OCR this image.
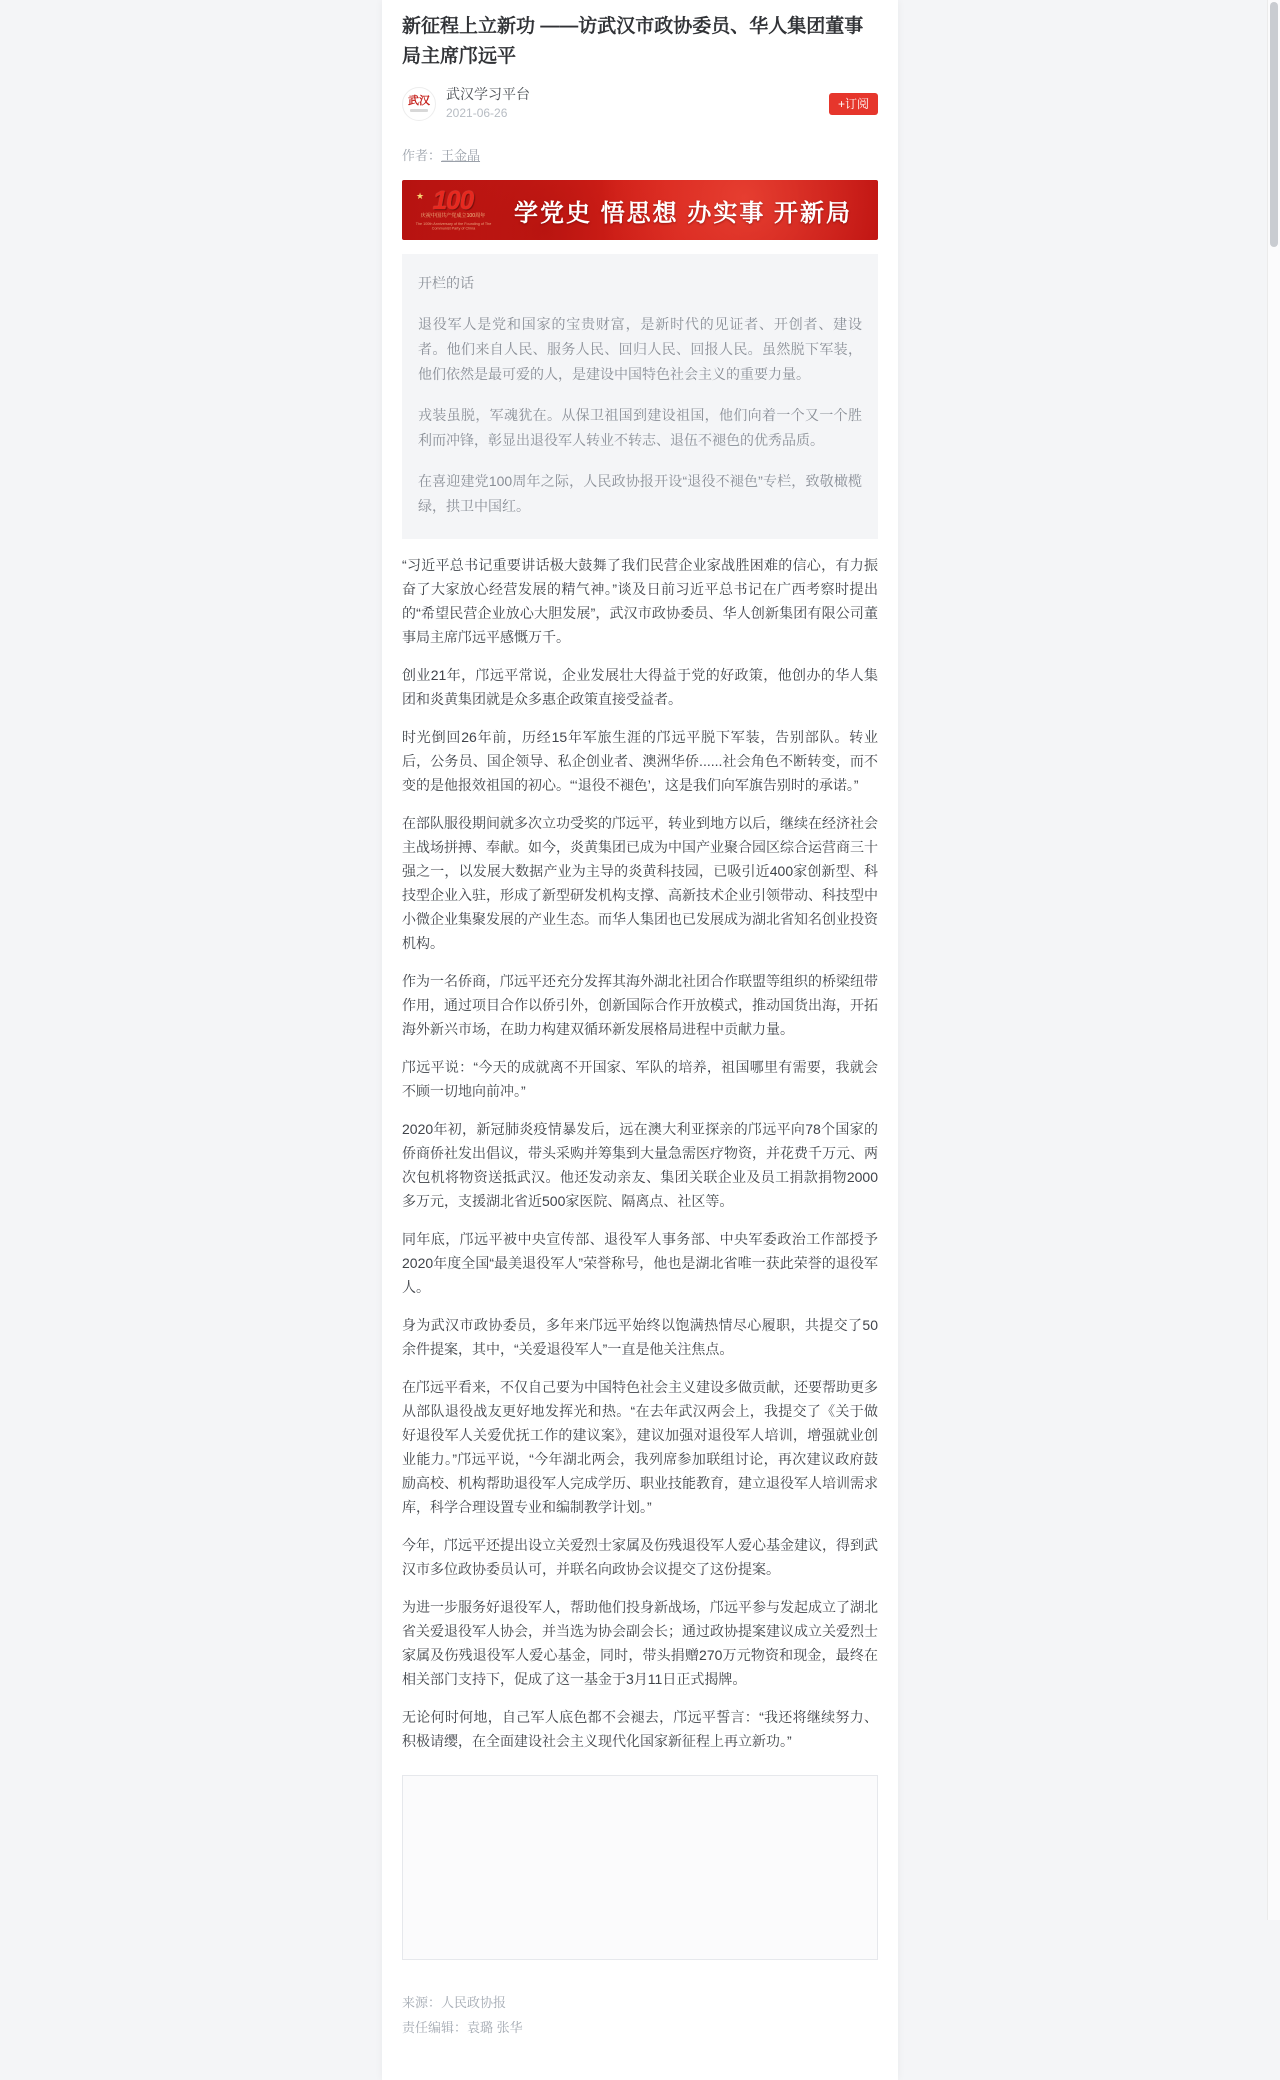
新征程上立新功 ——访武汉市政协委员、华人集团董事局主席邝远平
武汉 武汉学习平台
2021-06-26
+订阅
作者：王金晶
★ 100
庆祝中国共产党成立100周年
The 100th Anniversary of the Founding of The Communist Party of China
学党史 悟思想 办实事 开新局
开栏的话

退役军人是党和国家的宝贵财富，是新时代的见证者、开创者、建设者。他们来自人民、服务人民、回归人民、回报人民。虽然脱下军装，他们依然是最可爱的人，是建设中国特色社会主义的重要力量。

戎装虽脱，军魂犹在。从保卫祖国到建设祖国，他们向着一个又一个胜利而冲锋，彰显出退役军人转业不转志、退伍不褪色的优秀品质。

在喜迎建党100周年之际，人民政协报开设“退役不褪色”专栏，致敬橄榄绿，拱卫中国红。

“习近平总书记重要讲话极大鼓舞了我们民营企业家战胜困难的信心，有力振奋了大家放心经营发展的精气神。”谈及日前习近平总书记在广西考察时提出的“希望民营企业放心大胆发展”，武汉市政协委员、华人创新集团有限公司董事局主席邝远平感慨万千。

创业21年，邝远平常说，企业发展壮大得益于党的好政策，他创办的华人集团和炎黄集团就是众多惠企政策直接受益者。

时光倒回26年前，历经15年军旅生涯的邝远平脱下军装，告别部队。转业后，公务员、国企领导、私企创业者、澳洲华侨......社会角色不断转变，而不变的是他报效祖国的初心。“‘退役不褪色’，这是我们向军旗告别时的承诺。”

在部队服役期间就多次立功受奖的邝远平，转业到地方以后，继续在经济社会主战场拼搏、奉献。如今，炎黄集团已成为中国产业聚合园区综合运营商三十强之一，以发展大数据产业为主导的炎黄科技园，已吸引近400家创新型、科技型企业入驻，形成了新型研发机构支撑、高新技术企业引领带动、科技型中小微企业集聚发展的产业生态。而华人集团也已发展成为湖北省知名创业投资机构。

作为一名侨商，邝远平还充分发挥其海外湖北社团合作联盟等组织的桥梁纽带作用，通过项目合作以侨引外，创新国际合作开放模式，推动国货出海，开拓海外新兴市场，在助力构建双循环新发展格局进程中贡献力量。

邝远平说：“今天的成就离不开国家、军队的培养，祖国哪里有需要，我就会不顾一切地向前冲。”

2020年初，新冠肺炎疫情暴发后，远在澳大利亚探亲的邝远平向78个国家的侨商侨社发出倡议，带头采购并筹集到大量急需医疗物资，并花费千万元、两次包机将物资送抵武汉。他还发动亲友、集团关联企业及员工捐款捐物2000多万元，支援湖北省近500家医院、隔离点、社区等。

同年底，邝远平被中央宣传部、退役军人事务部、中央军委政治工作部授予2020年度全国“最美退役军人”荣誉称号，他也是湖北省唯一获此荣誉的退役军人。

身为武汉市政协委员，多年来邝远平始终以饱满热情尽心履职，共提交了50余件提案，其中，“关爱退役军人”一直是他关注焦点。

在邝远平看来，不仅自己要为中国特色社会主义建设多做贡献，还要帮助更多从部队退役战友更好地发挥光和热。“在去年武汉两会上，我提交了《关于做好退役军人关爱优抚工作的建议案》，建议加强对退役军人培训，增强就业创业能力。”邝远平说，“今年湖北两会，我列席参加联组讨论，再次建议政府鼓励高校、机构帮助退役军人完成学历、职业技能教育，建立退役军人培训需求库，科学合理设置专业和编制教学计划。”

今年，邝远平还提出设立关爱烈士家属及伤残退役军人爱心基金建议，得到武汉市多位政协委员认可，并联名向政协会议提交了这份提案。

为进一步服务好退役军人，帮助他们投身新战场，邝远平参与发起成立了湖北省关爱退役军人协会，并当选为协会副会长；通过政协提案建议成立关爱烈士家属及伤残退役军人爱心基金，同时，带头捐赠270万元物资和现金，最终在相关部门支持下，促成了这一基金于3月11日正式揭牌。

无论何时何地，自己军人底色都不会褪去，邝远平誓言：“我还将继续努力、积极请缨，在全面建设社会主义现代化国家新征程上再立新功。”

来源：人民政协报
责任编辑：袁璐 张华
